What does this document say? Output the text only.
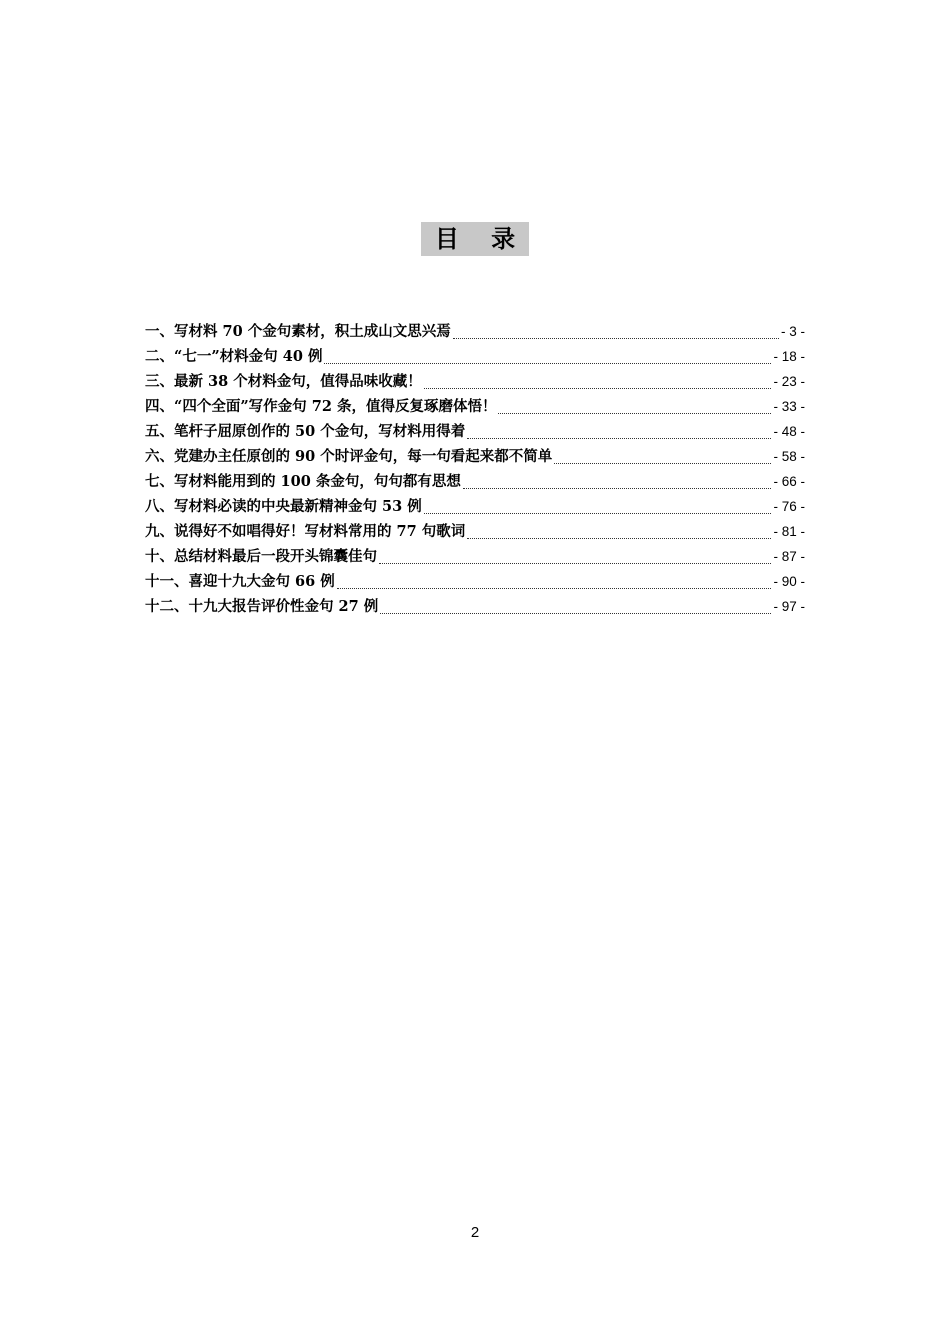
目 录
一、写材料 70 个金句素材，积土成山文思兴焉	- 3 -
二、“七一”材料金句 40 例	- 18 -
三、最新 38 个材料金句，值得品味收藏！	- 23 -
四、“四个全面”写作金句 72 条，值得反复琢磨体悟！	- 33 -
五、笔杆子屈原创作的 50 个金句，写材料用得着	- 48 -
六、党建办主任原创的 90 个时评金句，每一句看起来都不简单	- 58 -
七、写材料能用到的 100 条金句，句句都有思想	- 66 -
八、写材料必读的中央最新精神金句 53 例	- 76 -
九、说得好不如唱得好！写材料常用的 77 句歌词	- 81 -
十、总结材料最后一段开头锦囊佳句	- 87 -
十一、喜迎十九大金句 66 例	- 90 -
十二、十九大报告评价性金句 27 例	- 97 -
2
